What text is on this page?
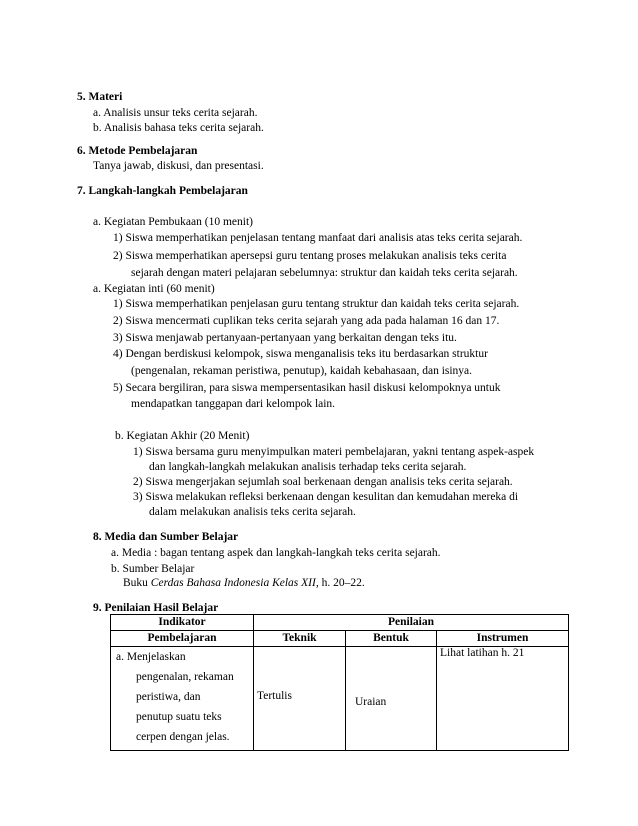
5. Materi
a. Analisis unsur teks cerita sejarah.
b. Analisis bahasa teks cerita sejarah.
6. Metode Pembelajaran
Tanya jawab, diskusi, dan presentasi.
7. Langkah-langkah Pembelajaran
a. Kegiatan Pembukaan (10 menit)
1) Siswa memperhatikan penjelasan tentang manfaat dari analisis atas teks cerita sejarah.
2) Siswa memperhatikan apersepsi guru tentang proses melakukan analisis teks cerita
sejarah dengan materi pelajaran sebelumnya: struktur dan kaidah teks cerita sejarah.
a. Kegiatan inti (60 menit)
1) Siswa memperhatikan penjelasan guru tentang struktur dan kaidah teks cerita sejarah.
2) Siswa mencermati cuplikan teks cerita sejarah yang ada pada halaman 16 dan 17.
3) Siswa menjawab pertanyaan-pertanyaan yang berkaitan dengan teks itu.
4) Dengan berdiskusi kelompok, siswa menganalisis teks itu berdasarkan struktur
(pengenalan, rekaman peristiwa, penutup), kaidah kebahasaan, dan isinya.
5) Secara bergiliran, para siswa mempersentasikan hasil diskusi kelompoknya untuk
mendapatkan tanggapan dari kelompok lain.
b. Kegiatan Akhir (20 Menit)
1) Siswa bersama guru menyimpulkan materi pembelajaran, yakni tentang aspek-aspek
dan langkah-langkah melakukan analisis terhadap teks cerita sejarah.
2) Siswa mengerjakan sejumlah soal berkenaan dengan analisis teks cerita sejarah.
3) Siswa melakukan refleksi berkenaan dengan kesulitan dan kemudahan mereka di
dalam melakukan analisis teks cerita sejarah.
8. Media dan Sumber Belajar
a. Media : bagan tentang aspek dan langkah-langkah teks cerita sejarah.
b. Sumber Belajar
Buku Cerdas Bahasa Indonesia Kelas XII, h. 20–22.
9. Penilaian Hasil Belajar
Indikator	Penilaian		
Pembelajaran	Teknik	Bentuk	Instrumen

a. Menjelaskan
pengenalan, rekaman
peristiwa, dan
penutup suatu teks
cerpen dengan jelas.	Tertulis	Uraian	Lihat latihan h. 21
